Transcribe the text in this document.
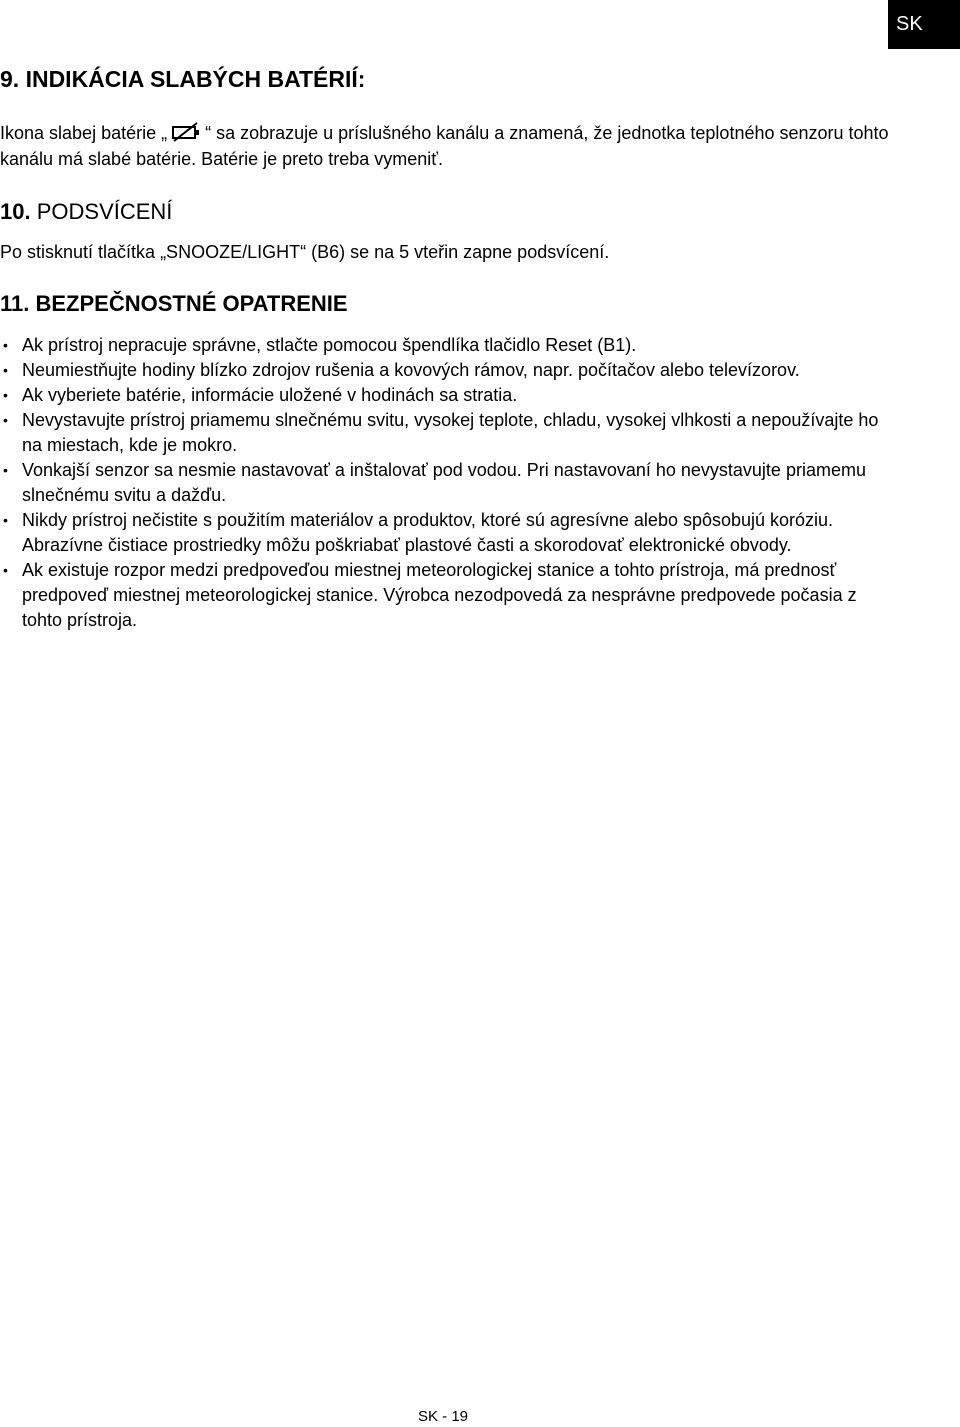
SK
9. INDIKÁCIA SLABÝCH BATÉRIÍ:
Ikona slabej batérie „ “ sa zobrazuje u príslušného kanálu a znamená, že jednotka teplotného senzoru tohto kanálu má slabé batérie. Batérie je preto treba vymeniť.
10. PODSVÍCENÍ
Po stisknutí tlačítka „SNOOZE/LIGHT“ (B6) se na 5 vteřin zapne podsvícení.
11. BEZPEČNOSTNÉ OPATRENIE
• Ak prístroj nepracuje správne, stlačte pomocou špendlíka tlačidlo Reset (B1).
• Neumiestňujte hodiny blízko zdrojov rušenia a kovových rámov, napr. počítačov alebo televízorov.
• Ak vyberiete batérie, informácie uložené v hodinách sa stratia.
• Nevystavujte prístroj priamemu slnečnému svitu, vysokej teplote, chladu, vysokej vlhkosti a nepoužívajte ho na miestach, kde je mokro.
• Vonkajší senzor sa nesmie nastavovať a inštalovať pod vodou. Pri nastavovaní ho nevystavujte priamemu slnečnému svitu a dažďu.
• Nikdy prístroj nečistite s použitím materiálov a produktov, ktoré sú agresívne alebo spôsobujú koróziu. Abrazívne čistiace prostriedky môžu poškriabať plastové časti a skorodovať elektronické obvody.
• Ak existuje rozpor medzi predpoveďou miestnej meteorologickej stanice a tohto prístroja, má prednosť predpoveď miestnej meteorologickej stanice. Výrobca nezodpovedá za nesprávne predpovede počasia z tohto prístroja.
SK - 19
